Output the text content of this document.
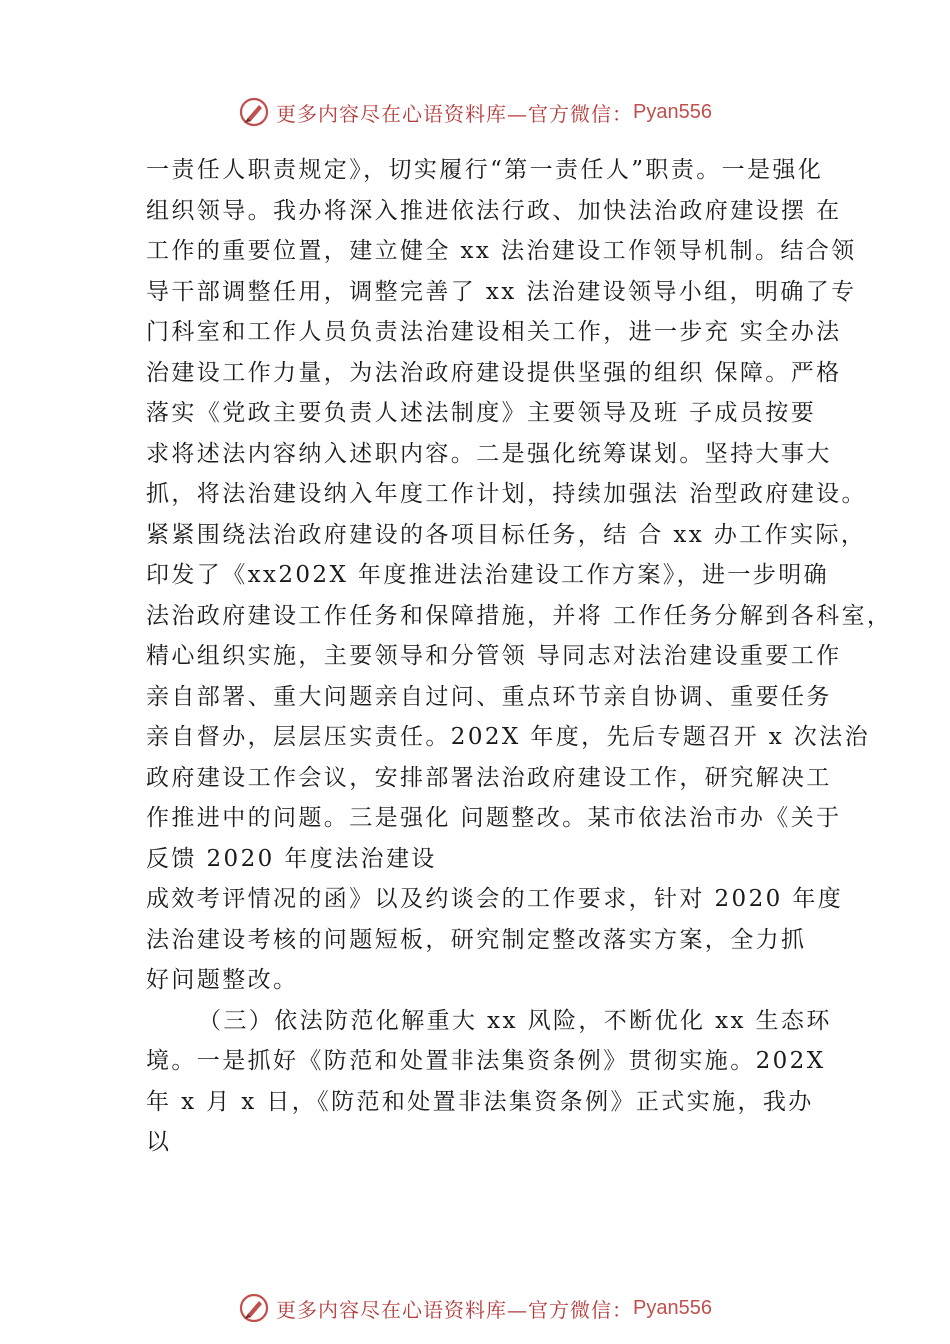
更多内容尽在心语资料库—官方微信： Pyan556
一责任人职责规定》，切实履行“第一责任人”职责。一是强化
组织领导。我办将深入推进依法行政、加快法治政府建设摆 在
工作的重要位置，建立健全 xx 法治建设工作领导机制。结合领
导干部调整任用，调整完善了 xx 法治建设领导小组，明确了专
门科室和工作人员负责法治建设相关工作，进一步充 实全办法
治建设工作力量，为法治政府建设提供坚强的组织 保障。严格
落实《党政主要负责人述法制度》主要领导及班 子成员按要
求将述法内容纳入述职内容。二是强化统筹谋划。坚持大事大
抓，将法治建设纳入年度工作计划，持续加强法 治型政府建设。
紧紧围绕法治政府建设的各项目标任务，结 合 xx 办工作实际，
印发了《xx202X 年度推进法治建设工作方案》，进一步明确
法治政府建设工作任务和保障措施，并将 工作任务分解到各科室，
精心组织实施，主要领导和分管领 导同志对法治建设重要工作
亲自部署、重大问题亲自过问、重点环节亲自协调、重要任务
亲自督办，层层压实责任。202X 年度，先后专题召开 x 次法治
政府建设工作会议，安排部署法治政府建设工作，研究解决工
作推进中的问题。三是强化 问题整改。某市依法治市办《关于
反馈 2020 年度法治建设
成效考评情况的函》以及约谈会的工作要求，针对 2020 年度
法治建设考核的问题短板，研究制定整改落实方案，全力抓
好问题整改。
（三）依法防范化解重大 xx 风险，不断优化 xx 生态环
境。一是抓好《防范和处置非法集资条例》贯彻实施。202X
年 x 月 x 日，《防范和处置非法集资条例》正式实施，我办
以
更多内容尽在心语资料库—官方微信： Pyan556
